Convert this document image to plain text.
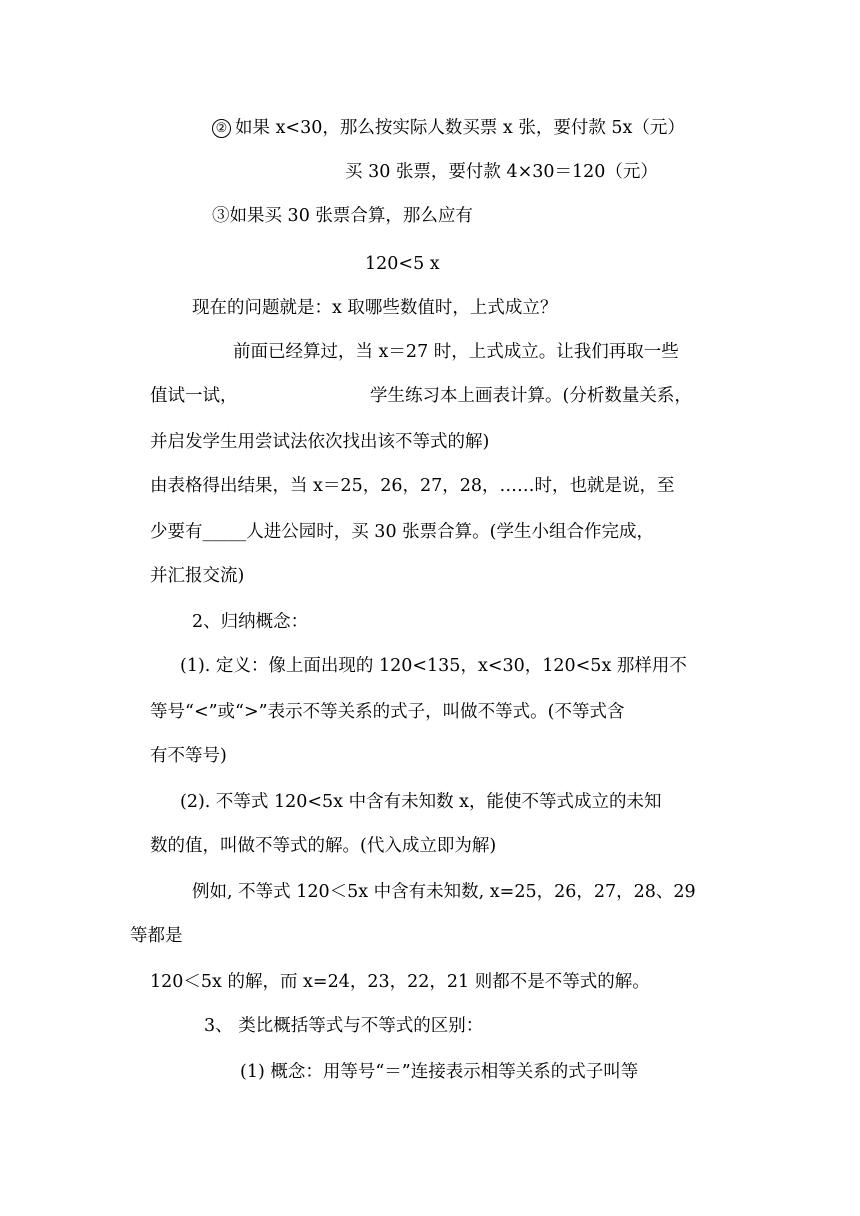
② 如果 x<30，那么按实际人数买票 x 张，要付款 5x（元）
买 30 张票，要付款 4×30＝120（元）
③如果买 30 张票合算，那么应有
120<5 x
现在的问题就是：x 取哪些数值时，上式成立？
前面已经算过，当 x＝27 时，上式成立。让我们再取一些
值试一试，	学生练习本上画表计算。(分析数量关系，
并启发学生用尝试法依次找出该不等式的解)
由表格得出结果，当 x＝25，26，27，28，……时，也就是说，至
少要有_____人进公园时，买 30 张票合算。(学生小组合作完成，
并汇报交流)
2、归纳概念：
(1). 定义：像上面出现的 120<135，x<30，120<5x 那样用不
等号“<”或“>”表示不等关系的式子，叫做不等式。(不等式含
有不等号)
(2). 不等式 120<5x 中含有未知数 x，能使不等式成立的未知
数的值，叫做不等式的解。(代入成立即为解)
例如, 不等式 120＜5x 中含有未知数, x=25，26，27，28、29
等都是
120＜5x 的解，而 x=24，23，22，21 则都不是不等式的解。
3、 类比概括等式与不等式的区别：
(1) 概念：用等号“＝”连接表示相等关系的式子叫等
